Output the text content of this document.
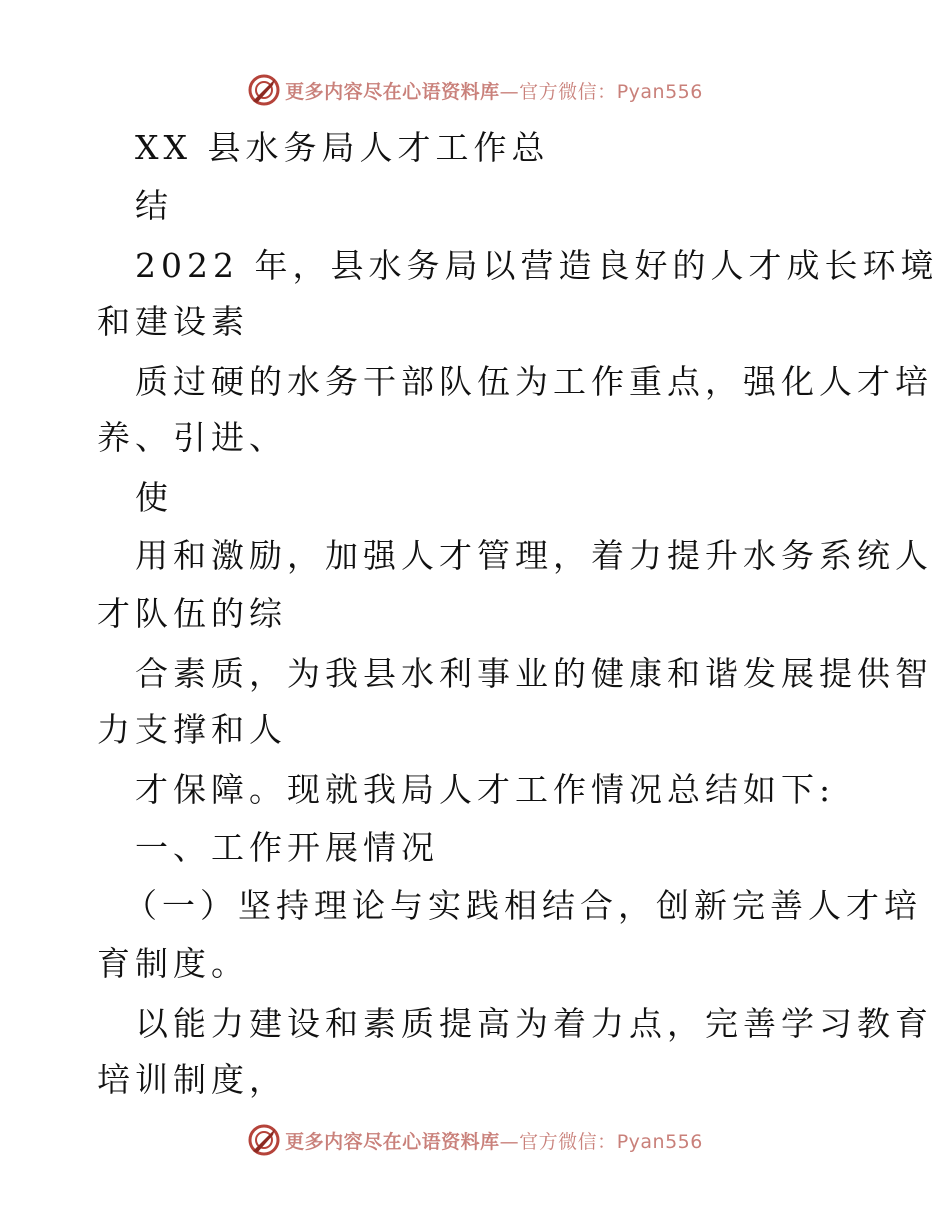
更多内容尽在心语资料库—官方微信：Pyan556
XX 县水务局人才工作总
结
2022 年，县水务局以营造良好的人才成长环境
和建设素
质过硬的水务干部队伍为工作重点，强化人才培
养、引进、
使
用和激励，加强人才管理，着力提升水务系统人
才队伍的综
合素质，为我县水利事业的健康和谐发展提供智
力支撑和人
才保障。现就我局人才工作情况总结如下:
一、工作开展情况
（一）坚持理论与实践相结合，创新完善人才培
育制度。
以能力建设和素质提高为着力点，完善学习教育
培训制度，
更多内容尽在心语资料库—官方微信：Pyan556
